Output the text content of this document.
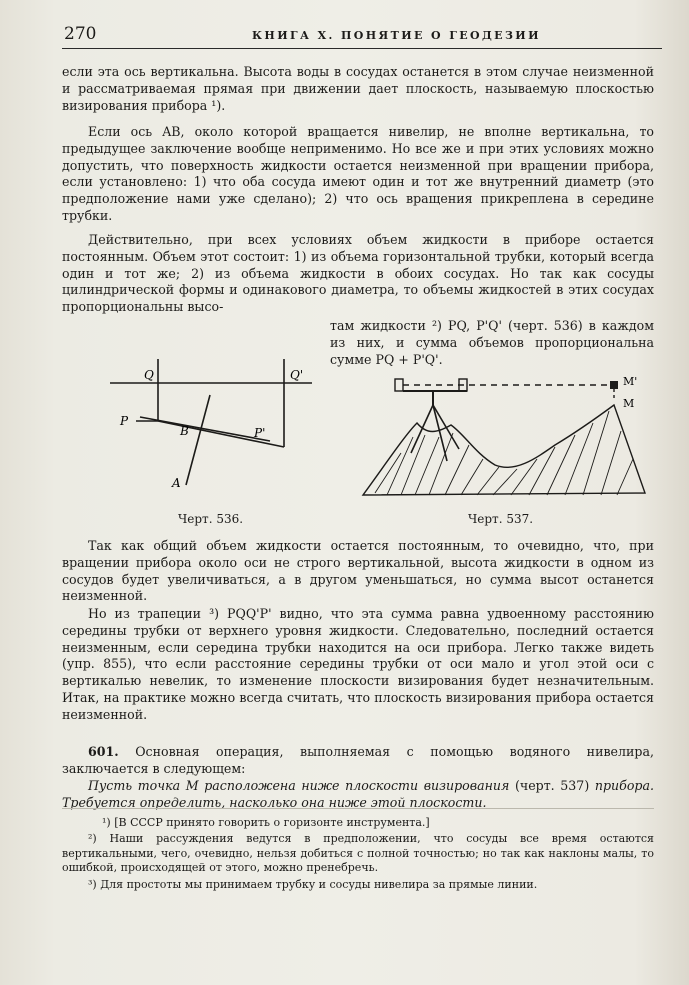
270	КНИГА X. ПОНЯТИЕ О ГЕОДЕЗИИ

если эта ось вертикальна. Высота воды в сосудах останется в этом случае неизменной и рассматриваемая прямая при движении дает плоскость, называемую плоскостью визирования прибора ¹).

Если ось AB, около которой вращается нивелир, не вполне вертикальна, то предыдущее заключение вообще неприменимо. Но все же и при этих условиях можно допустить, что поверхность жидкости остается неизменной при вращении прибора, если установлено: 1) что оба сосуда имеют один и тот же внутренний диаметр (это предположение нами уже сделано); 2) что ось вращения прикреплена в середине трубки.

Действительно, при всех условиях объем жидкости в приборе остается постоянным. Объем этот состоит: 1) из объема горизонтальной трубки, который всегда один и тот же; 2) из объема жидкости в обоих сосудах. Но так как сосуды цилиндрической формы и одинакового диаметра, то объемы жидкостей в этих сосудах пропорциональны высо-

там жидкости ²) PQ, P'Q' (черт. 536) в каждом из них, и сумма объемов пропорциональна сумме PQ + P'Q'.

Q	Q'
P
P'
B
A
M'
M
Черт. 536.	Черт. 537.

Так как общий объем жидкости остается постоянным, то очевидно, что, при вращении прибора около оси не строго вертикальной, высота жидкости в одном из сосудов будет увеличиваться, а в другом уменьшаться, но сумма высот останется неизменной.

Но из трапеции ³) PQQ'P' видно, что эта сумма равна удвоенному расстоянию середины трубки от верхнего уровня жидкости. Следовательно, последний остается неизменным, если середина трубки находится на оси прибора. Легко также видеть (упр. 855), что если расстояние середины трубки от оси мало и угол этой оси с вертикалью невелик, то изменение плоскости визирования будет незначительным. Итак, на практике можно всегда считать, что плоскость визирования прибора остается неизменной.

601. Основная операция, выполняемая с помощью водяного нивелира, заключается в следующем:

Пусть точка M расположена ниже плоскости визирования (черт. 537) прибора. Требуется определить, насколько она ниже этой плоскости.

¹) [В СССР принято говорить о горизонте инструмента.]

²) Наши рассуждения ведутся в предположении, что сосуды все время остаются вертикальными, чего, очевидно, нельзя добиться с полной точностью; но так как наклоны малы, то ошибкой, происходящей от этого, можно пренебречь.

³) Для простоты мы принимаем трубку и сосуды нивелира за прямые линии.
